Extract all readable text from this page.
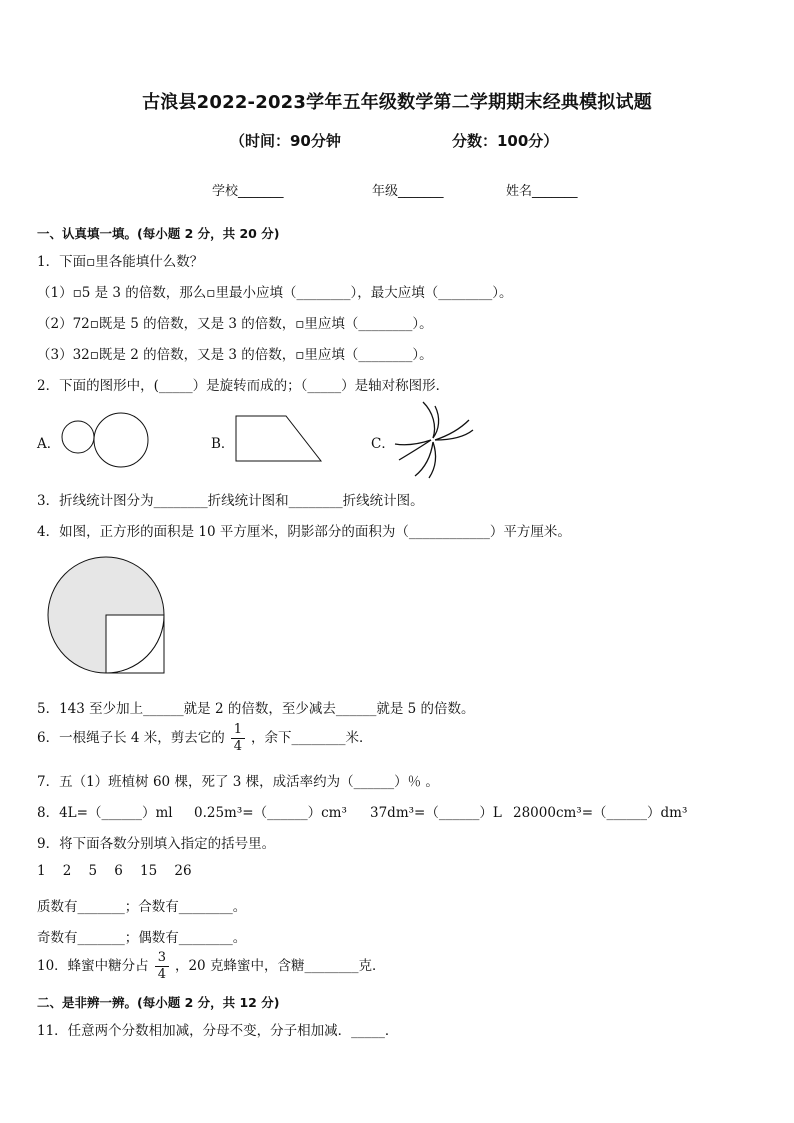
古浪县2022-2023学年五年级数学第二学期期末经典模拟试题
（时间：90分钟	分数：100分）
学校_______	年级_______	姓名_______
一、认真填一填。(每小题 2 分，共 20 分)
1．下面▫里各能填什么数？
（1）▫5 是 3 的倍数，那么▫里最小应填（________），最大应填（________）。
（2）72▫既是 5 的倍数，又是 3 的倍数，▫里应填（________）。
（3）32▫既是 2 的倍数，又是 3 的倍数，▫里应填（________）。
2．下面的图形中，(_____）是旋转而成的；（_____）是轴对称图形．
A．	B．	C．
3．折线统计图分为________折线统计图和________折线统计图。
4．如图，正方形的面积是 10 平方厘米，阴影部分的面积为（____________）平方厘米。
5．143 至少加上______就是 2 的倍数，至少减去______就是 5 的倍数。
6．一根绳子长 4 米，剪去它的 $\frac{1}{4}$ ，余下________米．
7．五（1）班植树 60 棵，死了 3 棵，成活率约为（______）％ 。
8．4L=（______）ml 0.25m³=（______）cm³ 37dm³=（______）L 28000cm³=（______）dm³
9．将下面各数分别填入指定的括号里。
1    2    5    6    15    26
质数有_______；合数有________。
奇数有_______；偶数有________。
10．蜂蜜中糖分占 $\frac{3}{4}$ ，20 克蜂蜜中，含糖________克．
二、是非辨一辨。(每小题 2 分，共 12 分)
11．任意两个分数相加减，分母不变，分子相加减．_____．
